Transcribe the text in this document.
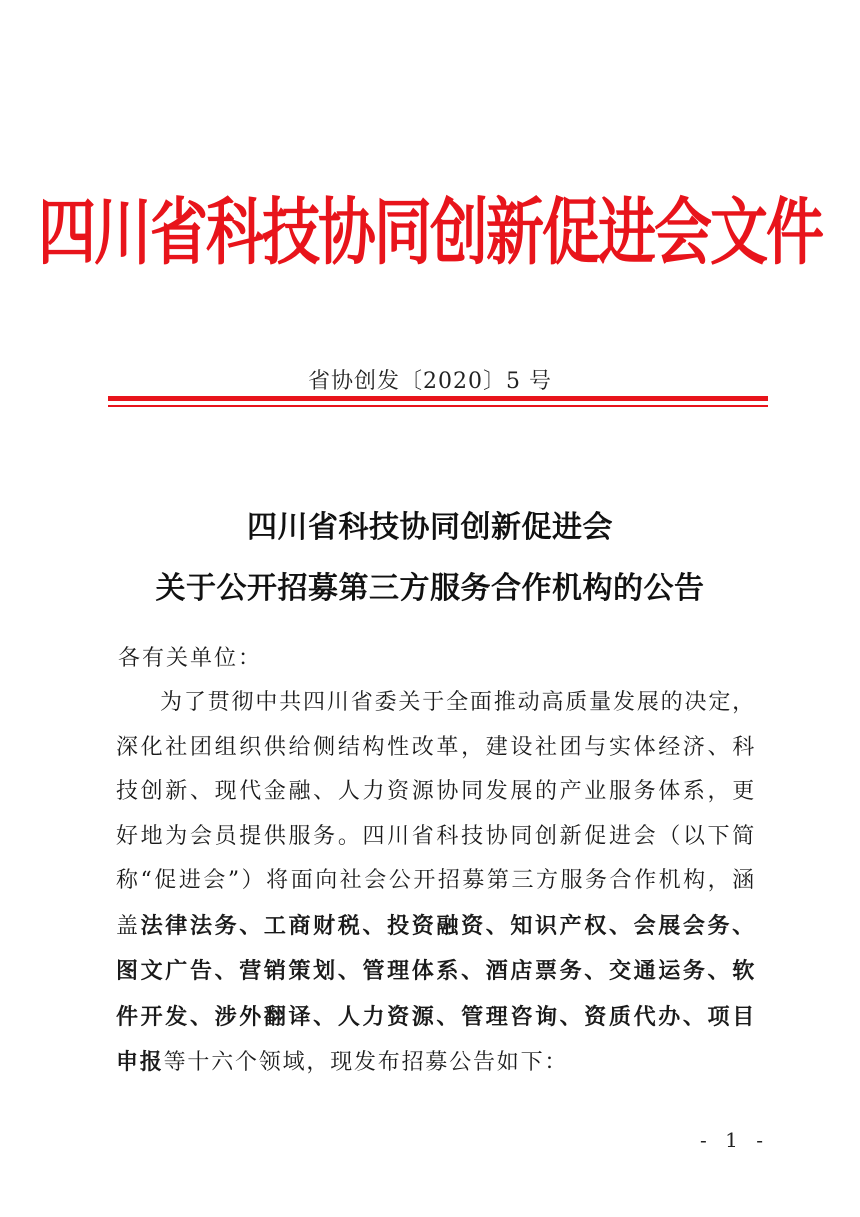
四川省科技协同创新促进会文件
省协创发〔2020〕5 号
四川省科技协同创新促进会
关于公开招募第三方服务合作机构的公告
各有关单位：
为了贯彻中共四川省委关于全面推动高质量发展的决定，深化社团组织供给侧结构性改革，建设社团与实体经济、科技创新、现代金融、人力资源协同发展的产业服务体系，更好地为会员提供服务。四川省科技协同创新促进会（以下简称“促进会”）将面向社会公开招募第三方服务合作机构，涵盖法律法务、工商财税、投资融资、知识产权、会展会务、图文广告、营销策划、管理体系、酒店票务、交通运务、软件开发、涉外翻译、人力资源、管理咨询、资质代办、项目申报等十六个领域，现发布招募公告如下：
- 1 -
